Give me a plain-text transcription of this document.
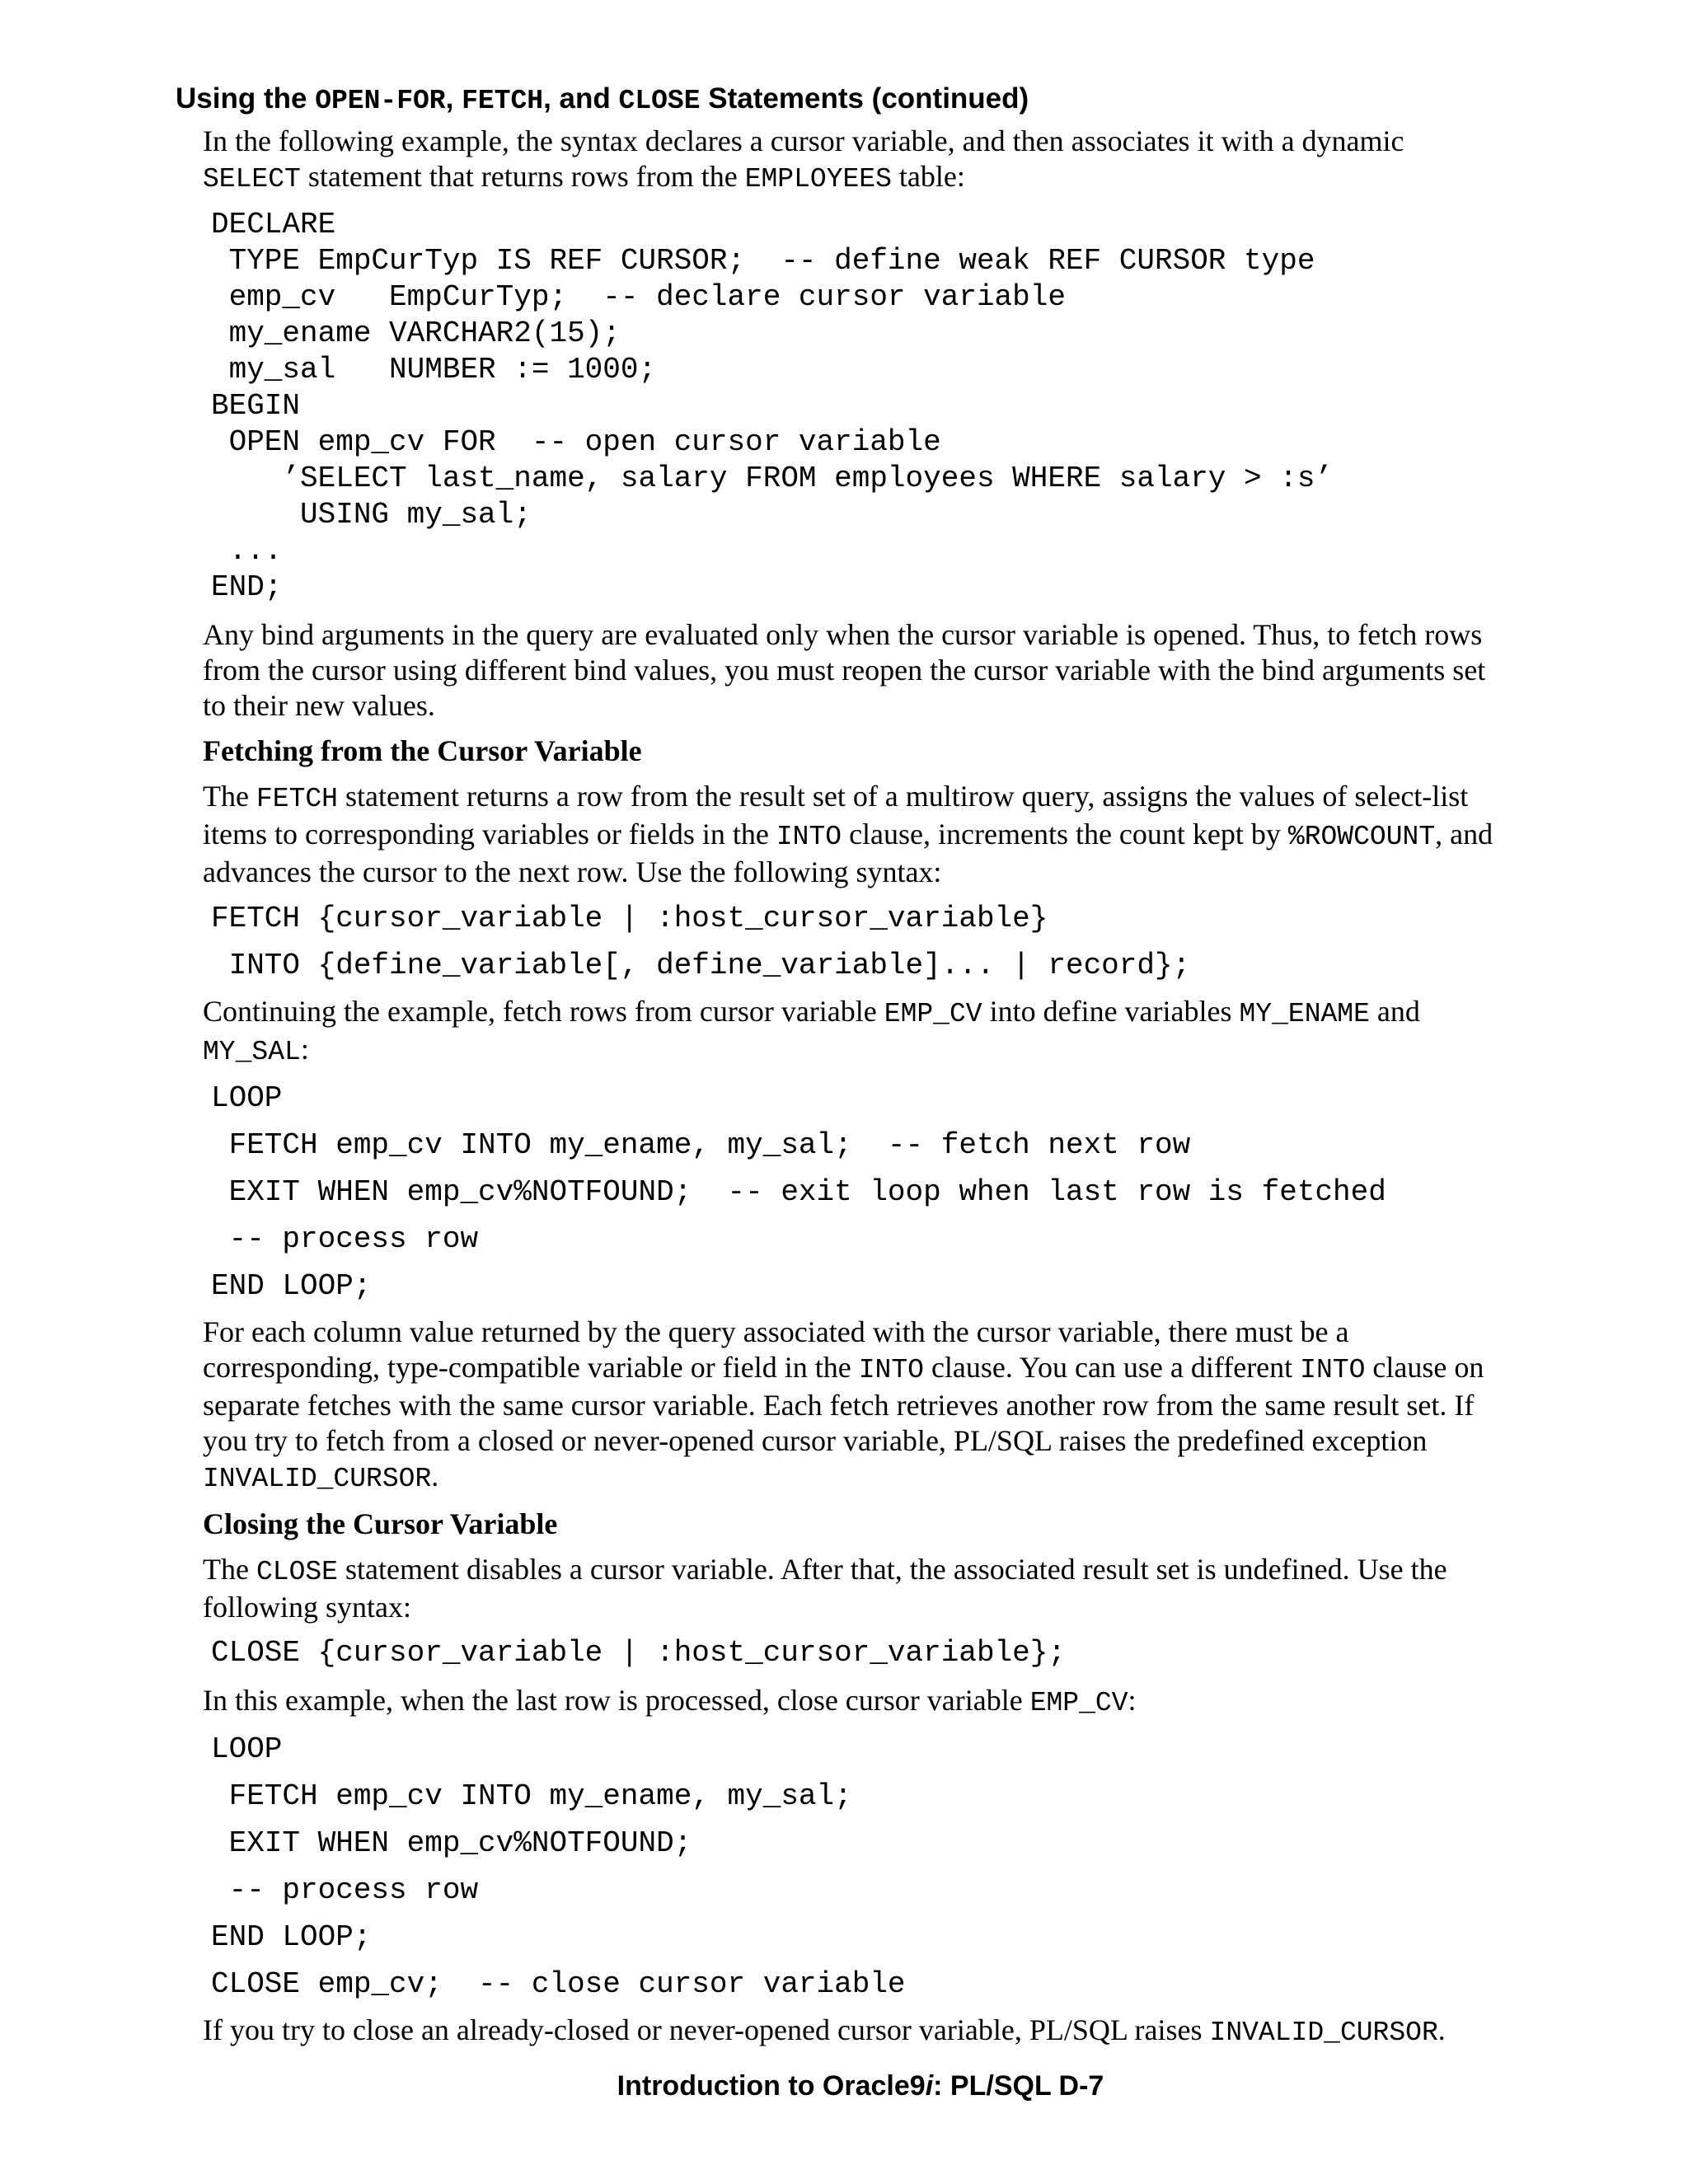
Using the OPEN-FOR, FETCH, and CLOSE Statements (continued)

In the following example, the syntax declares a cursor variable, and then associates it with a dynamic SELECT statement that returns rows from the EMPLOYEES table:

DECLARE
TYPE EmpCurTyp IS REF CURSOR;  -- define weak REF CURSOR type
emp_cv   EmpCurTyp;  -- declare cursor variable
my_ename VARCHAR2(15);
my_sal   NUMBER := 1000;
BEGIN
OPEN emp_cv FOR  -- open cursor variable
’SELECT last_name, salary FROM employees WHERE salary > :s’
USING my_sal;
...
END;

Any bind arguments in the query are evaluated only when the cursor variable is opened. Thus, to fetch rows from the cursor using different bind values, you must reopen the cursor variable with the bind arguments set to their new values.

Fetching from the Cursor Variable

The FETCH statement returns a row from the result set of a multirow query, assigns the values of select-list items to corresponding variables or fields in the INTO clause, increments the count kept by %ROWCOUNT, and advances the cursor to the next row. Use the following syntax:

FETCH {cursor_variable | :host_cursor_variable}
INTO {define_variable[, define_variable]... | record};

Continuing the example, fetch rows from cursor variable EMP_CV into define variables MY_ENAME and MY_SAL:

LOOP
FETCH emp_cv INTO my_ename, my_sal;  -- fetch next row
EXIT WHEN emp_cv%NOTFOUND;  -- exit loop when last row is fetched
-- process row
END LOOP;

For each column value returned by the query associated with the cursor variable, there must be a corresponding, type-compatible variable or field in the INTO clause. You can use a different INTO clause on separate fetches with the same cursor variable. Each fetch retrieves another row from the same result set. If you try to fetch from a closed or never-opened cursor variable, PL/SQL raises the predefined exception INVALID_CURSOR.

Closing the Cursor Variable

The CLOSE statement disables a cursor variable. After that, the associated result set is undefined. Use the following syntax:

CLOSE {cursor_variable | :host_cursor_variable};

In this example, when the last row is processed, close cursor variable EMP_CV:

LOOP
FETCH emp_cv INTO my_ename, my_sal;
EXIT WHEN emp_cv%NOTFOUND;
-- process row
END LOOP;
CLOSE emp_cv;  -- close cursor variable

If you try to close an already-closed or never-opened cursor variable, PL/SQL raises INVALID_CURSOR.

Introduction to Oracle9i: PL/SQL D-7
